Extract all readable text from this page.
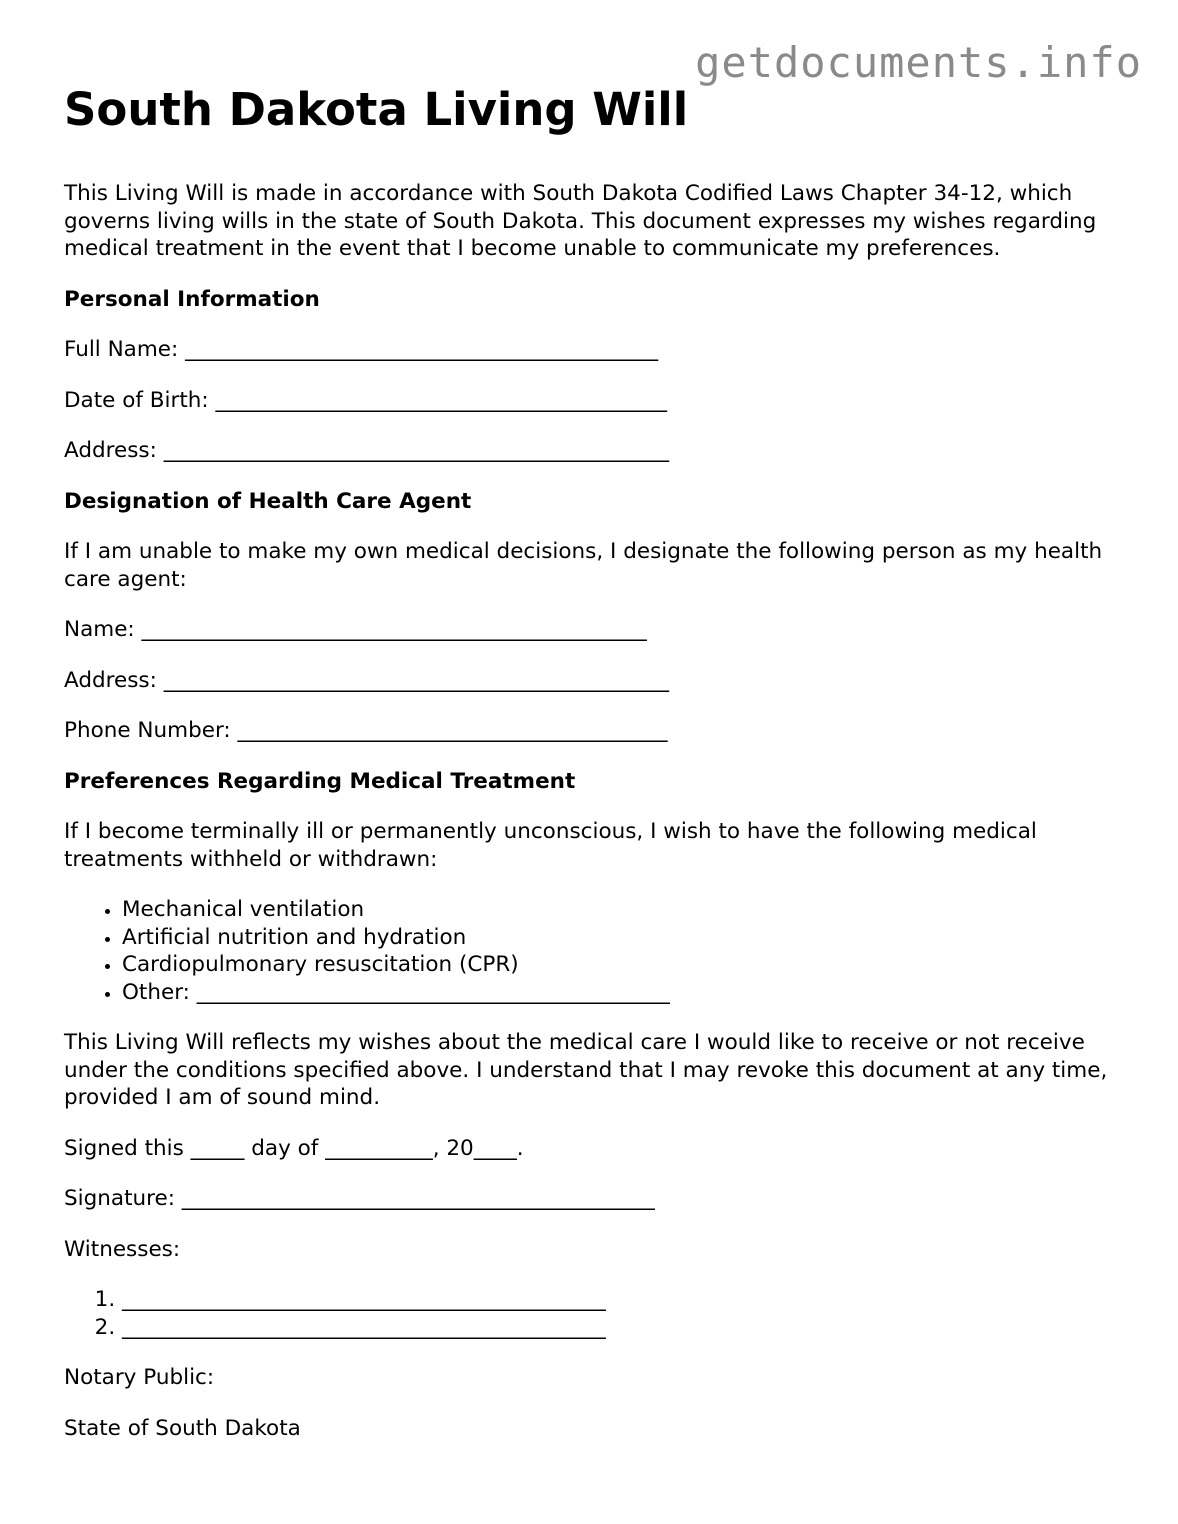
getdocuments.info
South Dakota Living Will

This Living Will is made in accordance with South Dakota Codified Laws Chapter 34-12, which governs living wills in the state of South Dakota. This document expresses my wishes regarding medical treatment in the event that I become unable to communicate my preferences.

Personal Information

Full Name: ____________________________________________

Date of Birth: __________________________________________

Address: _______________________________________________

Designation of Health Care Agent

If I am unable to make my own medical decisions, I designate the following person as my health care agent:

Name: _______________________________________________

Address: _______________________________________________

Phone Number: ________________________________________

Preferences Regarding Medical Treatment

If I become terminally ill or permanently unconscious, I wish to have the following medical treatments withheld or withdrawn:

• Mechanical ventilation
• Artificial nutrition and hydration
• Cardiopulmonary resuscitation (CPR)
• Other: ____________________________________________

This Living Will reflects my wishes about the medical care I would like to receive or not receive under the conditions specified above. I understand that I may revoke this document at any time, provided I am of sound mind.

Signed this _____ day of __________, 20____.

Signature: ____________________________________________

Witnesses:

1. _____________________________________________
2. _____________________________________________

Notary Public:

State of South Dakota
